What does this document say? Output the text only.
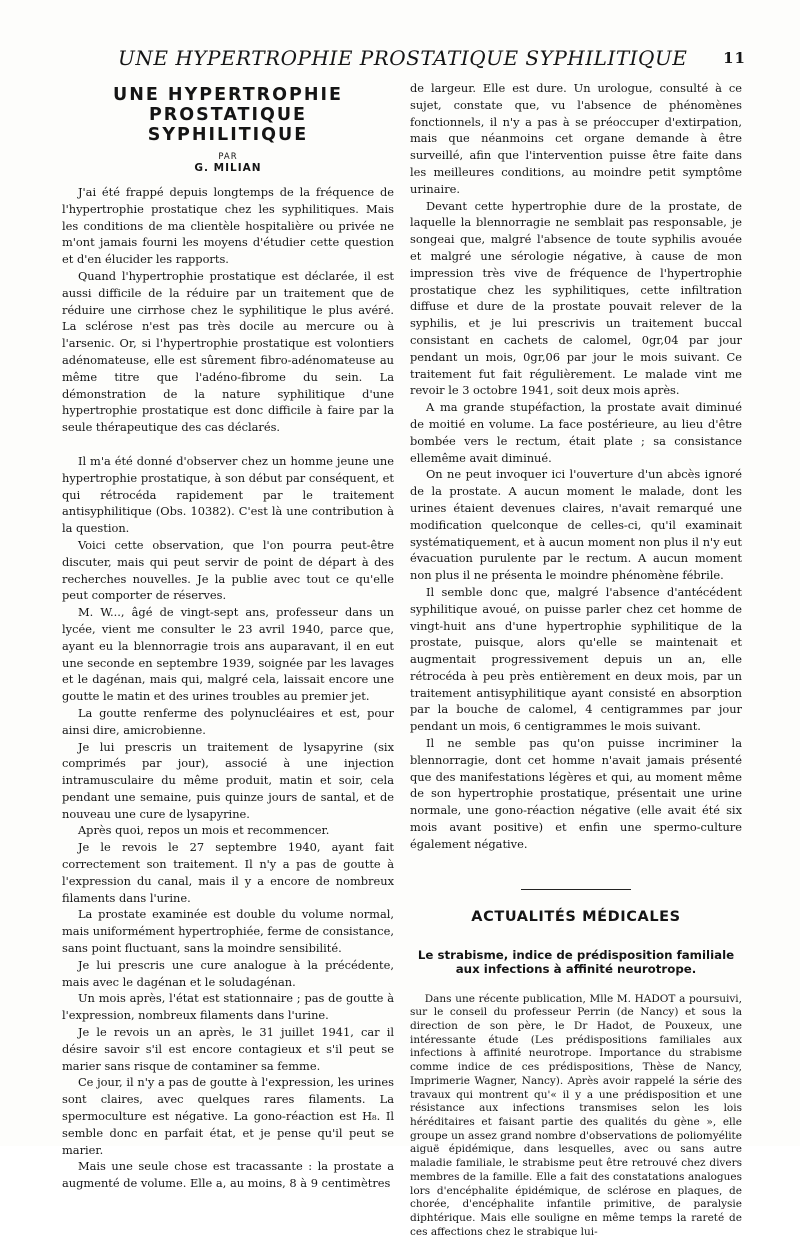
UNE HYPERTROPHIE PROSTATIQUE SYPHILITIQUE	11
UNE HYPERTROPHIE
PROSTATIQUE
SYPHILITIQUE
PAR
G. MILIAN

J'ai été frappé depuis longtemps de la fréquence de l'hypertrophie prostatique chez les syphilitiques. Mais les conditions de ma clientèle hospitalière ou privée ne m'ont jamais fourni les moyens d'étudier cette question et d'en élucider les rapports.

Quand l'hypertrophie prostatique est déclarée, il est aussi difficile de la réduire par un traitement que de réduire une cirrhose chez le syphilitique le plus avéré. La sclérose n'est pas très docile au mercure ou à l'arsenic. Or, si l'hypertrophie prostatique est volontiers adénomateuse, elle est sûrement fibro-adénomateuse au même titre que l'adéno-fibrome du sein. La démonstration de la nature syphilitique d'une hypertrophie prostatique est donc difficile à faire par la seule thérapeutique des cas déclarés.

Il m'a été donné d'observer chez un homme jeune une hypertrophie prostatique, à son début par conséquent, et qui rétrocéda rapidement par le traitement antisyphilitique (Obs. 10382). C'est là une contribution à la question.

Voici cette observation, que l'on pourra peut-être discuter, mais qui peut servir de point de départ à des recherches nouvelles. Je la publie avec tout ce qu'elle peut comporter de réserves.

M. W..., âgé de vingt-sept ans, professeur dans un lycée, vient me consulter le 23 avril 1940, parce que, ayant eu la blennorragie trois ans auparavant, il en eut une seconde en septembre 1939, soignée par les lavages et le dagénan, mais qui, malgré cela, laissait encore une goutte le matin et des urines troubles au premier jet.

La goutte renferme des polynucléaires et est, pour ainsi dire, amicrobienne.

Je lui prescris un traitement de lysapyrine (six comprimés par jour), associé à une injection intramusculaire du même produit, matin et soir, cela pendant une semaine, puis quinze jours de santal, et de nouveau une cure de lysapyrine.

Après quoi, repos un mois et recommencer.

Je le revois le 27 septembre 1940, ayant fait correctement son traitement. Il n'y a pas de goutte à l'expression du canal, mais il y a encore de nombreux filaments dans l'urine.

La prostate examinée est double du volume normal, mais uniformément hypertrophiée, ferme de consistance, sans point fluctuant, sans la moindre sensibilité.

Je lui prescris une cure analogue à la précédente, mais avec le dagénan et le soludagénan.

Un mois après, l'état est stationnaire ; pas de goutte à l'expression, nombreux filaments dans l'urine.

Je le revois un an après, le 31 juillet 1941, car il désire savoir s'il est encore contagieux et s'il peut se marier sans risque de contaminer sa femme.

Ce jour, il n'y a pas de goutte à l'expression, les urines sont claires, avec quelques rares filaments. La spermoculture est négative. La gono-réaction est H₈. Il semble donc en parfait état, et je pense qu'il peut se marier.

Mais une seule chose est tracassante : la prostate a augmenté de volume. Elle a, au moins, 8 à 9 centimètres

de largeur. Elle est dure. Un urologue, consulté à ce sujet, constate que, vu l'absence de phénomènes fonctionnels, il n'y a pas à se préoccuper d'extirpation, mais que néanmoins cet organe demande à être surveillé, afin que l'intervention puisse être faite dans les meilleures conditions, au moindre petit symptôme urinaire.

Devant cette hypertrophie dure de la prostate, de laquelle la blennorragie ne semblait pas responsable, je songeai que, malgré l'absence de toute syphilis avouée et malgré une sérologie négative, à cause de mon impression très vive de fréquence de l'hypertrophie prostatique chez les syphilitiques, cette infiltration diffuse et dure de la prostate pouvait relever de la syphilis, et je lui prescrivis un traitement buccal consistant en cachets de calomel, 0gr,04 par jour pendant un mois, 0gr,06 par jour le mois suivant. Ce traitement fut fait régulièrement. Le malade vint me revoir le 3 octobre 1941, soit deux mois après.

A ma grande stupéfaction, la prostate avait diminué de moitié en volume. La face postérieure, au lieu d'être bombée vers le rectum, était plate ; sa consistance ellemême avait diminué.

On ne peut invoquer ici l'ouverture d'un abcès ignoré de la prostate. A aucun moment le malade, dont les urines étaient devenues claires, n'avait remarqué une modification quelconque de celles-ci, qu'il examinait systématiquement, et à aucun moment non plus il n'y eut évacuation purulente par le rectum. A aucun moment non plus il ne présenta le moindre phénomène fébrile.

Il semble donc que, malgré l'absence d'antécédent syphilitique avoué, on puisse parler chez cet homme de vingt-huit ans d'une hypertrophie syphilitique de la prostate, puisque, alors qu'elle se maintenait et augmentait progressivement depuis un an, elle rétrocéda à peu près entièrement en deux mois, par un traitement antisyphilitique ayant consisté en absorption par la bouche de calomel, 4 centigrammes par jour pendant un mois, 6 centigrammes le mois suivant.

Il ne semble pas qu'on puisse incriminer la blennorragie, dont cet homme n'avait jamais présenté que des manifestations légères et qui, au moment même de son hypertrophie prostatique, présentait une urine normale, une gono-réaction négative (elle avait été six mois avant positive) et enfin une spermo-culture également négative.

ACTUALITÉS MÉDICALES
Le strabisme, indice de prédisposition familiale aux infections à affinité neurotrope.

Dans une récente publication, Mlle M. HADOT a poursuivi, sur le conseil du professeur Perrin (de Nancy) et sous la direction de son père, le Dr Hadot, de Pouxeux, une intéressante étude (Les prédispositions familiales aux infections à affinité neurotrope. Importance du strabisme comme indice de ces prédispositions, Thèse de Nancy, Imprimerie Wagner, Nancy). Après avoir rappelé la série des travaux qui montrent qu'« il y a une prédisposition et une résistance aux infections transmises selon les lois héréditaires et faisant partie des qualités du gène », elle groupe un assez grand nombre d'observations de poliomyélite aiguë épidémique, dans lesquelles, avec ou sans autre maladie familiale, le strabisme peut être retrouvé chez divers membres de la famille. Elle a fait des constatations analogues lors d'encéphalite épidémique, de sclérose en plaques, de chorée, d'encéphalite infantile primitive, de paralysie diphtérique. Mais elle souligne en même temps la rareté de ces affections chez le strabique lui-
